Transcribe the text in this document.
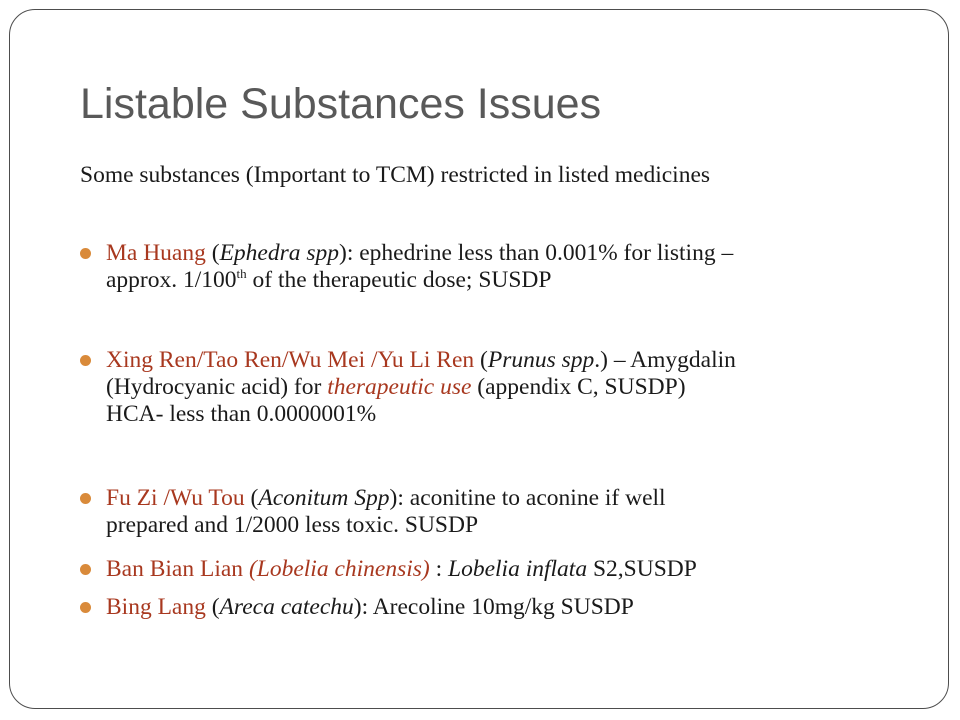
Listable Substances Issues

Some substances (Important to TCM) restricted in listed medicines

Ma Huang (Ephedra spp): ephedrine less than 0.001% for listing –
approx. 1/100th of the therapeutic dose; SUSDP
Xing Ren/Tao Ren/Wu Mei /Yu Li Ren (Prunus spp.) – Amygdalin
(Hydrocyanic acid) for therapeutic use (appendix C, SUSDP)
HCA- less than 0.0000001%
Fu Zi /Wu Tou (Aconitum Spp): aconitine to aconine if well
prepared and 1/2000 less toxic. SUSDP
Ban Bian Lian (Lobelia chinensis) : Lobelia inflata S2,SUSDP
Bing Lang (Areca catechu): Arecoline 10mg/kg SUSDP
